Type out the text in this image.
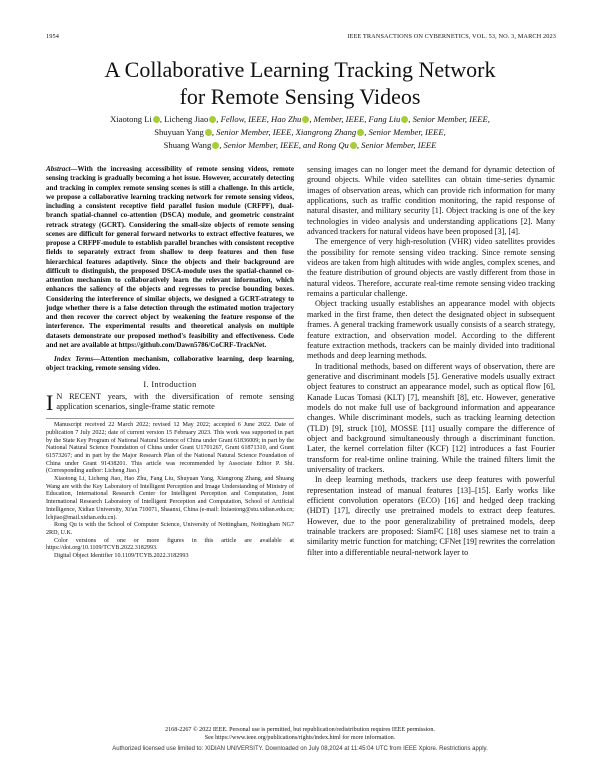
1954	IEEE TRANSACTIONS ON CYBERNETICS, VOL. 53, NO. 3, MARCH 2023
A Collaborative Learning Tracking Network
for Remote Sensing Videos
Xiaotong Li , Licheng Jiao , Fellow, IEEE, Hao Zhu , Member, IEEE, Fang Liu , Senior Member, IEEE,
Shuyuan Yang , Senior Member, IEEE, Xiangrong Zhang , Senior Member, IEEE,
Shuang Wang , Senior Member, IEEE, and Rong Qu , Senior Member, IEEE

Abstract—With the increasing accessibility of remote sensing videos, remote sensing tracking is gradually becoming a hot issue. However, accurately detecting and tracking in complex remote sensing scenes is still a challenge. In this article, we propose a collaborative learning tracking network for remote sensing videos, including a consistent receptive field parallel fusion module (CRFPF), dual-branch spatial-channel co-attention (DSCA) module, and geometric constraint retrack strategy (GCRT). Considering the small-size objects of remote sensing scenes are difficult for general forward networks to extract effective features, we propose a CRFPF-module to establish parallel branches with consistent receptive fields to separately extract from shallow to deep features and then fuse hierarchical features adaptively. Since the objects and their background are difficult to distinguish, the proposed DSCA-module uses the spatial-channel co-attention mechanism to collaboratively learn the relevant information, which enhances the saliency of the objects and regresses to precise bounding boxes. Considering the interference of similar objects, we designed a GCRT-strategy to judge whether there is a false detection through the estimated motion trajectory and then recover the correct object by weakening the feature response of the interference. The experimental results and theoretical analysis on multiple datasets demonstrate our proposed method's feasibility and effectiveness. Code and net are available at https://github.com/Dawn5786/CoCRF-TrackNet.

Index Terms—Attention mechanism, collaborative learning, deep learning, object tracking, remote sensing video.

I. Introduction

I N RECENT years, with the diversification of remote sensing application scenarios, single-frame static remote

Manuscript received 22 March 2022; revised 12 May 2022; accepted 6 June 2022. Date of publication 7 July 2022; date of current version 15 February 2023. This work was supported in part by the State Key Program of National Natural Science of China under Grant 61836009; in part by the National Natural Science Foundation of China under Grant U1701267, Grant 61871310, and Grant 61573267; and in part by the Major Research Plan of the National Natural Science Foundation of China under Grant 91438201. This article was recommended by Associate Editor P. Shi. (Corresponding author: Licheng Jiao.)

Xiaotong Li, Licheng Jiao, Hao Zhu, Fang Liu, Shuyuan Yang, Xiangrong Zhang, and Shuang Wang are with the Key Laboratory of Intelligent Perception and Image Understanding of Ministry of Education, International Research Center for Intelligent Perception and Computation, Joint International Research Laboratory of Intelligent Perception and Computation, School of Artificial Intelligence, Xidian University, Xi'an 710071, Shaanxi, China (e-mail: lixiaotong@stu.xidian.edu.cn; lchjiao@mail.xidian.edu.cn).

Rong Qu is with the School of Computer Science, University of Nottingham, Nottingham NG7 2RD, U.K.

Color versions of one or more figures in this article are available at https://doi.org/10.1109/TCYB.2022.3182993.

Digital Object Identifier 10.1109/TCYB.2022.3182993

sensing images can no longer meet the demand for dynamic detection of ground objects. While video satellites can obtain time-series dynamic images of observation areas, which can provide rich information for many applications, such as traffic condition monitoring, the rapid response of natural disaster, and military security [1]. Object tracking is one of the key technologies in video analysis and understanding applications [2]. Many advanced trackers for natural videos have been proposed [3], [4].

The emergence of very high-resolution (VHR) video satellites provides the possibility for remote sensing video tracking. Since remote sensing videos are taken from high altitudes with wide angles, complex scenes, and the feature distribution of ground objects are vastly different from those in natural videos. Therefore, accurate real-time remote sensing video tracking remains a particular challenge.

Object tracking usually establishes an appearance model with objects marked in the first frame, then detect the designated object in subsequent frames. A general tracking framework usually consists of a search strategy, feature extraction, and observation model. According to the different feature extraction methods, trackers can be mainly divided into traditional methods and deep learning methods.

In traditional methods, based on different ways of observation, there are generative and discriminant models [5]. Generative models usually extract object features to construct an appearance model, such as optical flow [6], Kanade Lucas Tomasi (KLT) [7], meanshift [8], etc. However, generative models do not make full use of background information and appearance changes. While discriminant models, such as tracking learning detection (TLD) [9], struck [10], MOSSE [11] usually compare the difference of object and background simultaneously through a discriminant function. Later, the kernel correlation filter (KCF) [12] introduces a fast Fourier transform for real-time online training. While the trained filters limit the universality of trackers.

In deep learning methods, trackers use deep features with powerful representation instead of manual features [13]–[15]. Early works like efficient convolution operators (ECO) [16] and hedged deep tracking (HDT) [17], directly use pretrained models to extract deep features. However, due to the poor generalizability of pretrained models, deep trainable trackers are proposed: SiamFC [18] uses siamese net to train a similarity metric function for matching; CFNet [19] rewrites the correlation filter into a differentiable neural-network layer to

2168-2267 © 2022 IEEE. Personal use is permitted, but republication/redistribution requires IEEE permission.
See https://www.ieee.org/publications/rights/index.html for more information.
Authorized licensed use limited to: XIDIAN UNIVERSITY. Downloaded on July 08,2024 at 11:45:04 UTC from IEEE Xplore. Restrictions apply.
